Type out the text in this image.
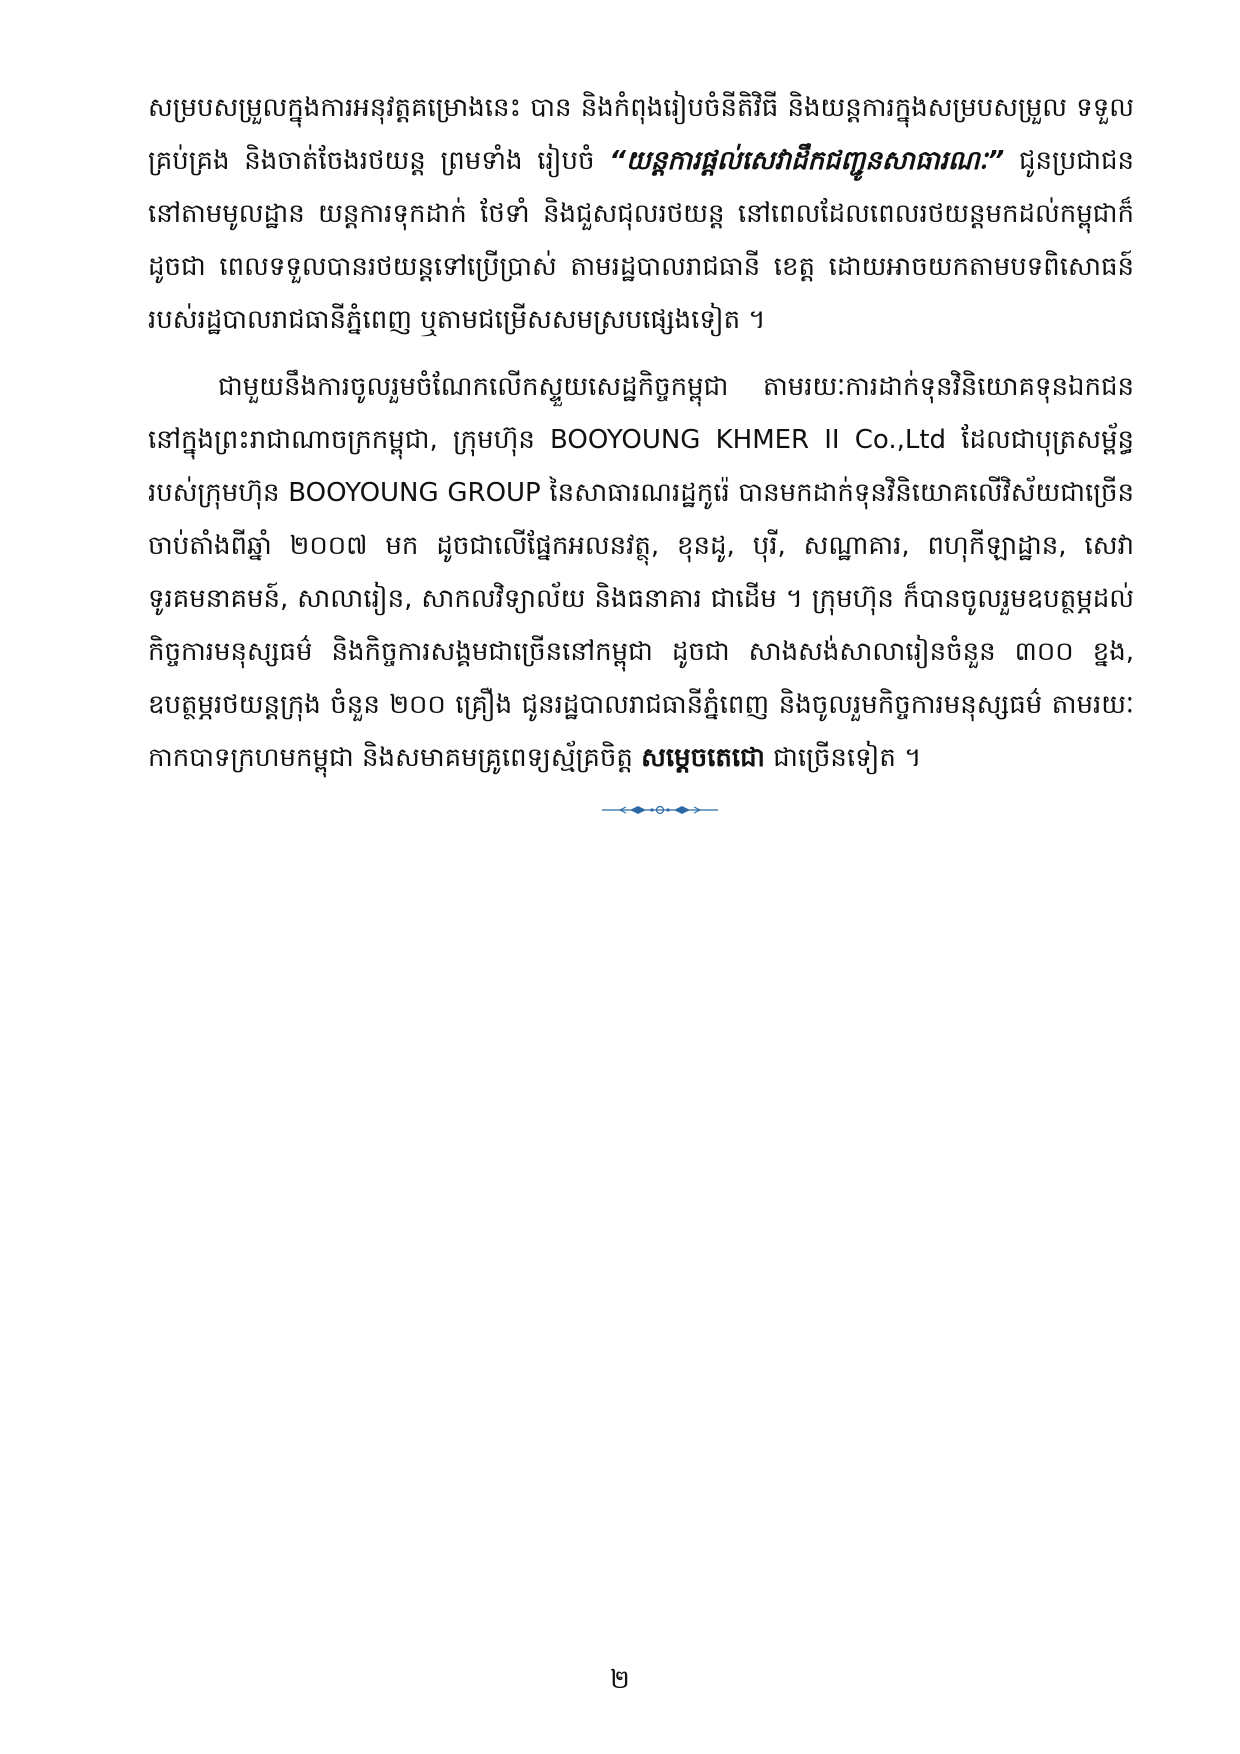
សម្របសម្រួលក្នុងការអនុវត្តគម្រោងនេះ បាន និងកំពុងរៀបចំនីតិវិធី និងយន្តការក្នុងសម្របសម្រួល ទទួលគ្រប់គ្រង និងចាត់ចែងរថយន្ត ព្រមទាំង រៀបចំ “យន្តការផ្តល់សេវាដឹកជញ្ជូនសាធារណៈ” ជូនប្រជាជននៅតាមមូលដ្ឋាន យន្តការទុកដាក់ ថែទាំ និងជួសជុលរថយន្ត នៅពេលដែលពេលរថយន្តមកដល់កម្ពុជាក៏ដូចជា ពេលទទួលបានរថយន្តទៅប្រើប្រាស់ តាមរដ្ឋបាលរាជធានី ខេត្ត ដោយអាចយកតាមបទពិសោធន៍របស់រដ្ឋបាលរាជធានីភ្នំពេញ ឬតាមជម្រើសសមស្របផ្សេងទៀត ។

ជាមួយនឹងការចូលរួមចំណែកលើកស្ទួយសេដ្ឋកិច្ចកម្ពុជា តាមរយៈការដាក់ទុនវិនិយោគទុនឯកជននៅក្នុងព្រះរាជាណាចក្រកម្ពុជា, ក្រុមហ៊ុន BOOYOUNG KHMER II Co.,Ltd ដែលជាបុត្រសម្ព័ន្ធរបស់ក្រុមហ៊ុន BOOYOUNG GROUP នៃសាធារណរដ្ឋកូរ៉េ បានមកដាក់ទុនវិនិយោគលើវិស័យជាច្រើន ចាប់តាំងពីឆ្នាំ ២០០៧ មក ដូចជាលើផ្នែកអលនវត្ថុ, ខុនដូ, បុរី, សណ្ឋាគារ, ពហុកីឡាដ្ឋាន, សេវាទូរគមនាគមន៍, សាលារៀន, សាកលវិទ្យាល័យ និងធនាគារ ជាដើម ។ ក្រុមហ៊ុន ក៏បានចូលរួមឧបត្ថម្ភដល់កិច្ចការមនុស្សធម៌ និងកិច្ចការសង្គមជាច្រើននៅកម្ពុជា ដូចជា សាងសង់សាលារៀនចំនួន ៣០០ ខ្នង, ឧបត្ថម្ភរថយន្តក្រុង ចំនួន ២០០ គ្រឿង ជូនរដ្ឋបាលរាជធានីភ្នំពេញ និងចូលរួមកិច្ចការមនុស្សធម៌ តាមរយៈកាកបាទក្រហមកម្ពុជា និងសមាគមគ្រូពេទ្យស្ម័គ្រចិត្ត សម្តេចតេជោ ជាច្រើនទៀត ។

២
